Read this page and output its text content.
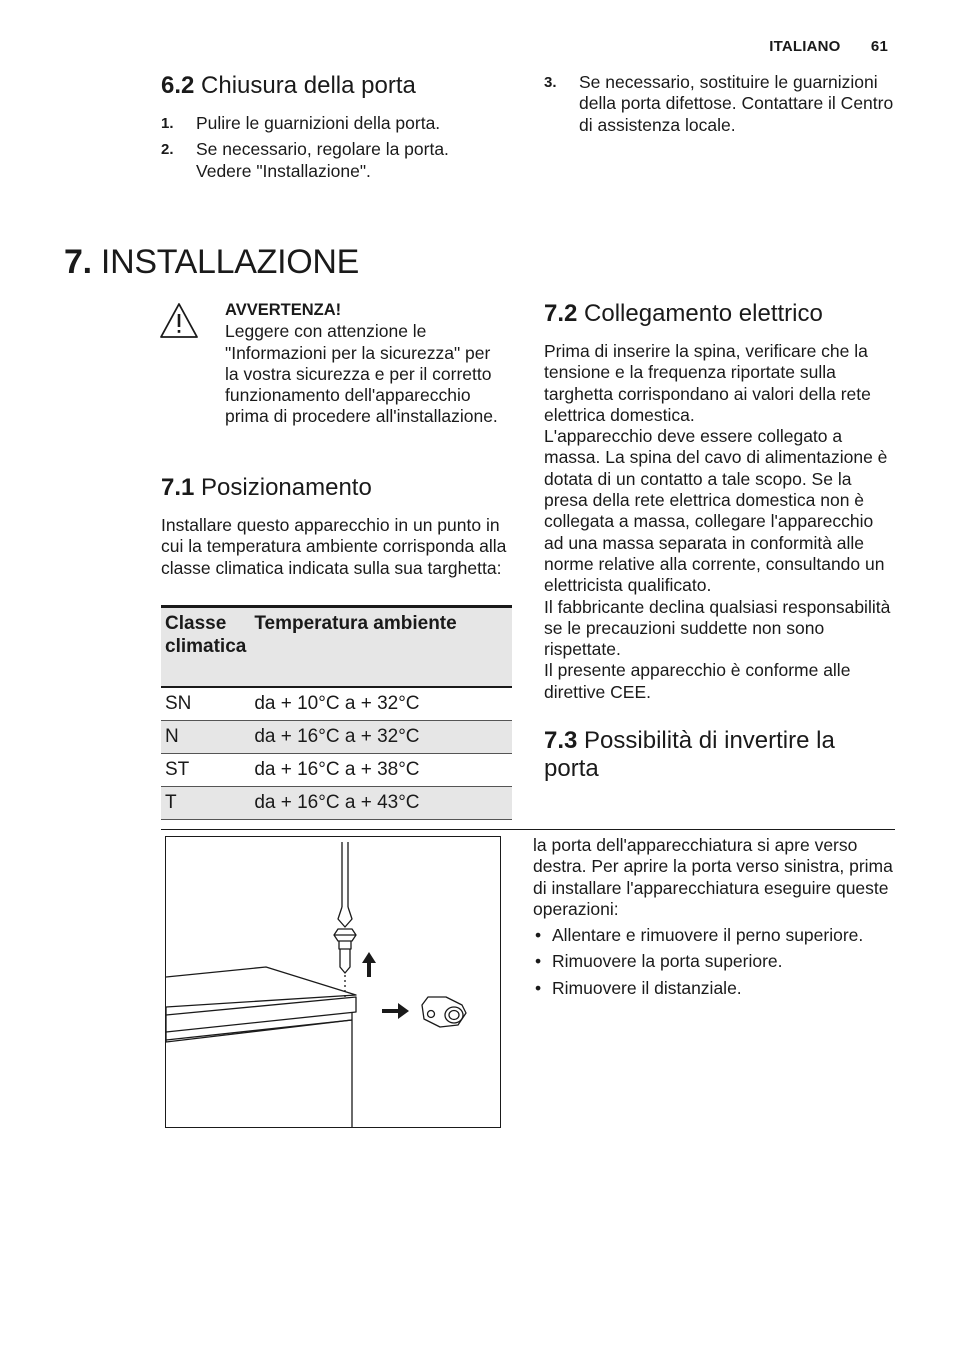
ITALIANO 61
6.2 Chiusura della porta
1. Pulire le guarnizioni della porta.
2. Se necessario, regolare la porta. Vedere "Installazione".
3. Se necessario, sostituire le guarnizioni della porta difettose. Contattare il Centro di assistenza locale.
7. INSTALLAZIONE
AVVERTENZA!
Leggere con attenzione le "Informazioni per la sicurezza" per la vostra sicurezza e per il corretto funzionamento dell'apparecchio prima di procedere all'installazione.
7.1 Posizionamento
Installare questo apparecchio in un punto in cui la temperatura ambiente corrisponda alla classe climatica indicata sulla sua targhetta:
Classe climatica	Temperatura ambiente
SN	da + 10°C a + 32°C
N	da + 16°C a + 32°C
ST	da + 16°C a + 38°C
T	da + 16°C a + 43°C
7.2 Collegamento elettrico
Prima di inserire la spina, verificare che la tensione e la frequenza riportate sulla targhetta corrispondano ai valori della rete elettrica domestica.
L'apparecchio deve essere collegato a massa. La spina del cavo di alimentazione è dotata di un contatto a tale scopo. Se la presa della rete elettrica domestica non è collegata a massa, collegare l'apparecchio ad una massa separata in conformità alle norme relative alla corrente, consultando un elettricista qualificato.
Il fabbricante declina qualsiasi responsabilità se le precauzioni suddette non sono rispettate.
Il presente apparecchio è conforme alle direttive CEE.
7.3 Possibilità di invertire la porta
la porta dell'apparecchiatura si apre verso destra. Per aprire la porta verso sinistra, prima di installare l'apparecchiatura eseguire queste operazioni:
• Allentare e rimuovere il perno superiore.
• Rimuovere la porta superiore.
• Rimuovere il distanziale.
